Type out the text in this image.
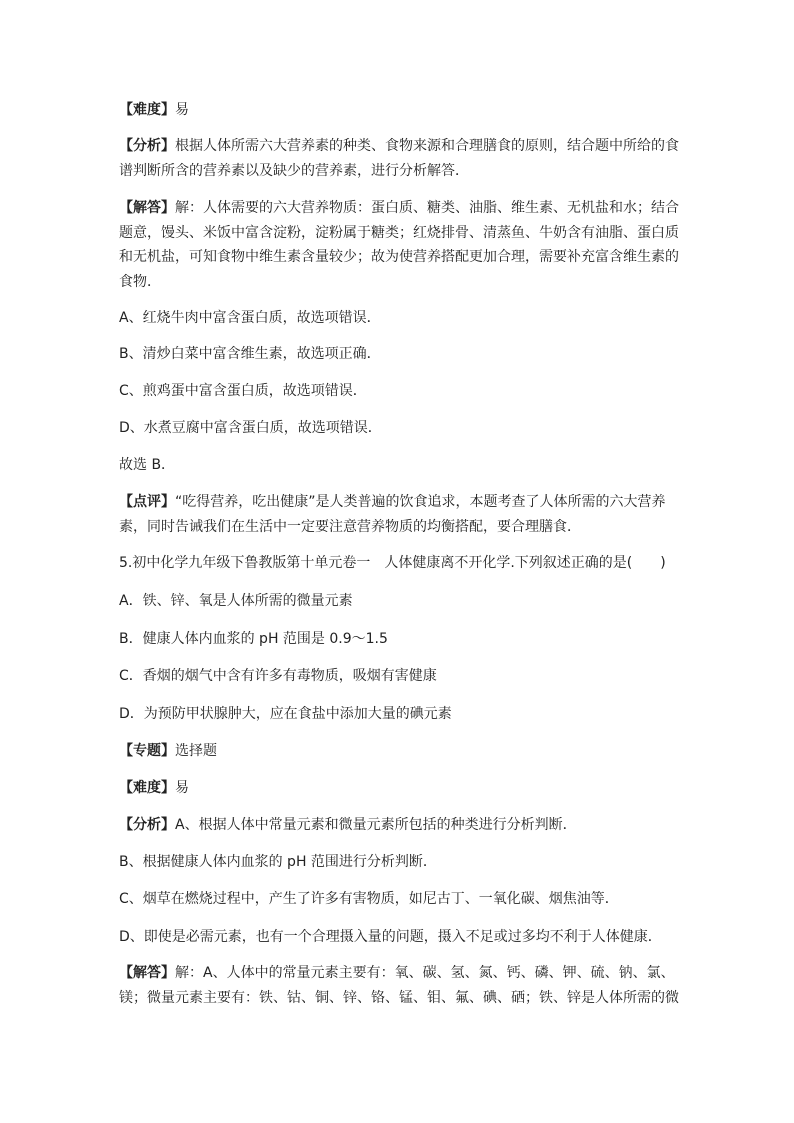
【难度】易

【分析】根据人体所需六大营养素的种类、食物来源和合理膳食的原则，结合题中所给的食谱判断所含的营养素以及缺少的营养素，进行分析解答．

【解答】解：人体需要的六大营养物质：蛋白质、糖类、油脂、维生素、无机盐和水；结合题意，馒头、米饭中富含淀粉，淀粉属于糖类；红烧排骨、清蒸鱼、牛奶含有油脂、蛋白质和无机盐，可知食物中维生素含量较少；故为使营养搭配更加合理，需要补充富含维生素的食物．

A、红烧牛肉中富含蛋白质，故选项错误．

B、清炒白菜中富含维生素，故选项正确．

C、煎鸡蛋中富含蛋白质，故选项错误．

D、水煮豆腐中富含蛋白质，故选项错误．

故选 B．

【点评】“吃得营养，吃出健康”是人类普遍的饮食追求，本题考查了人体所需的六大营养素，同时告诫我们在生活中一定要注意营养物质的均衡搭配，要合理膳食．

5.初中化学九年级下鲁教版第十单元卷一　人体健康离不开化学.下列叙述正确的是(　　)

A．铁、锌、氧是人体所需的微量元素

B．健康人体内血浆的 pH 范围是 0.9～1.5

C．香烟的烟气中含有许多有毒物质，吸烟有害健康

D．为预防甲状腺肿大，应在食盐中添加大量的碘元素

【专题】选择题

【难度】易

【分析】A、根据人体中常量元素和微量元素所包括的种类进行分析判断．

B、根据健康人体内血浆的 pH 范围进行分析判断．

C、烟草在燃烧过程中，产生了许多有害物质，如尼古丁、一氧化碳、烟焦油等．

D、即使是必需元素，也有一个合理摄入量的问题，摄入不足或过多均不利于人体健康．

【解答】解：A、人体中的常量元素主要有：氧、碳、氢、氮、钙、磷、钾、硫、钠、氯、镁；微量元素主要有：铁、钴、铜、锌、铬、锰、钼、氟、碘、硒；铁、锌是人体所需的微
